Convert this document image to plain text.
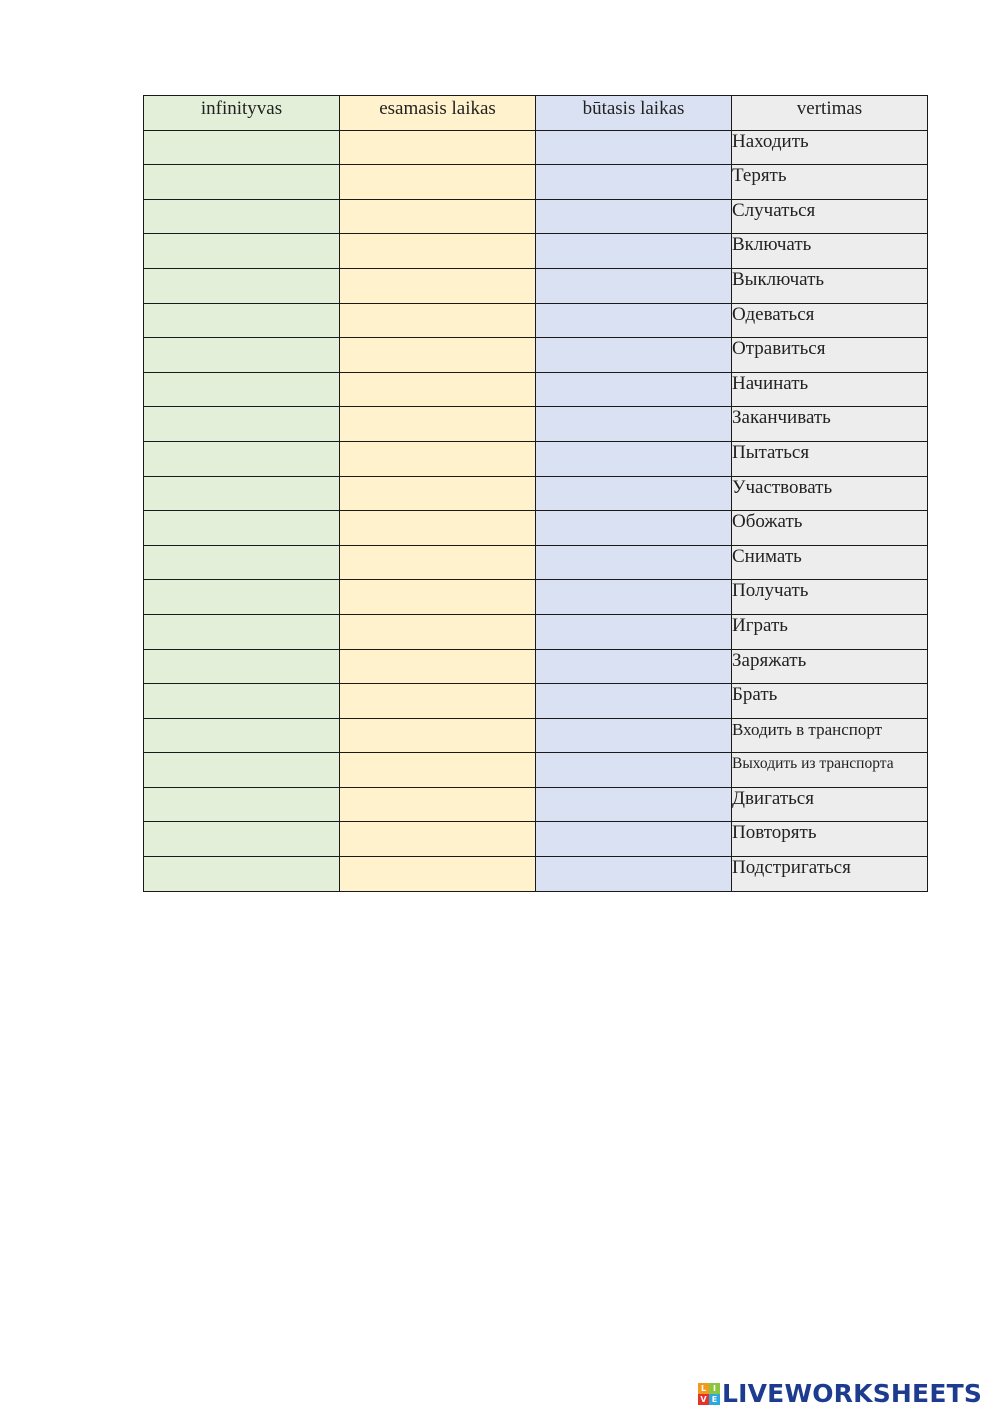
infinityvas	esamasis laikas	būtasis laikas	vertimas
			Находить
			Терять
			Случаться
			Включать
			Выключать
			Одеваться
			Отравиться
			Начинать
			Заканчивать
			Пытаться
			Участвовать
			Обожать
			Снимать
			Получать
			Играть
			Заряжать
			Брать
			Входить в транспорт
			Выходить из транспорта
			Двигаться
			Повторять
			Подстригаться
L I
V E LIVEWORKSHEETS
